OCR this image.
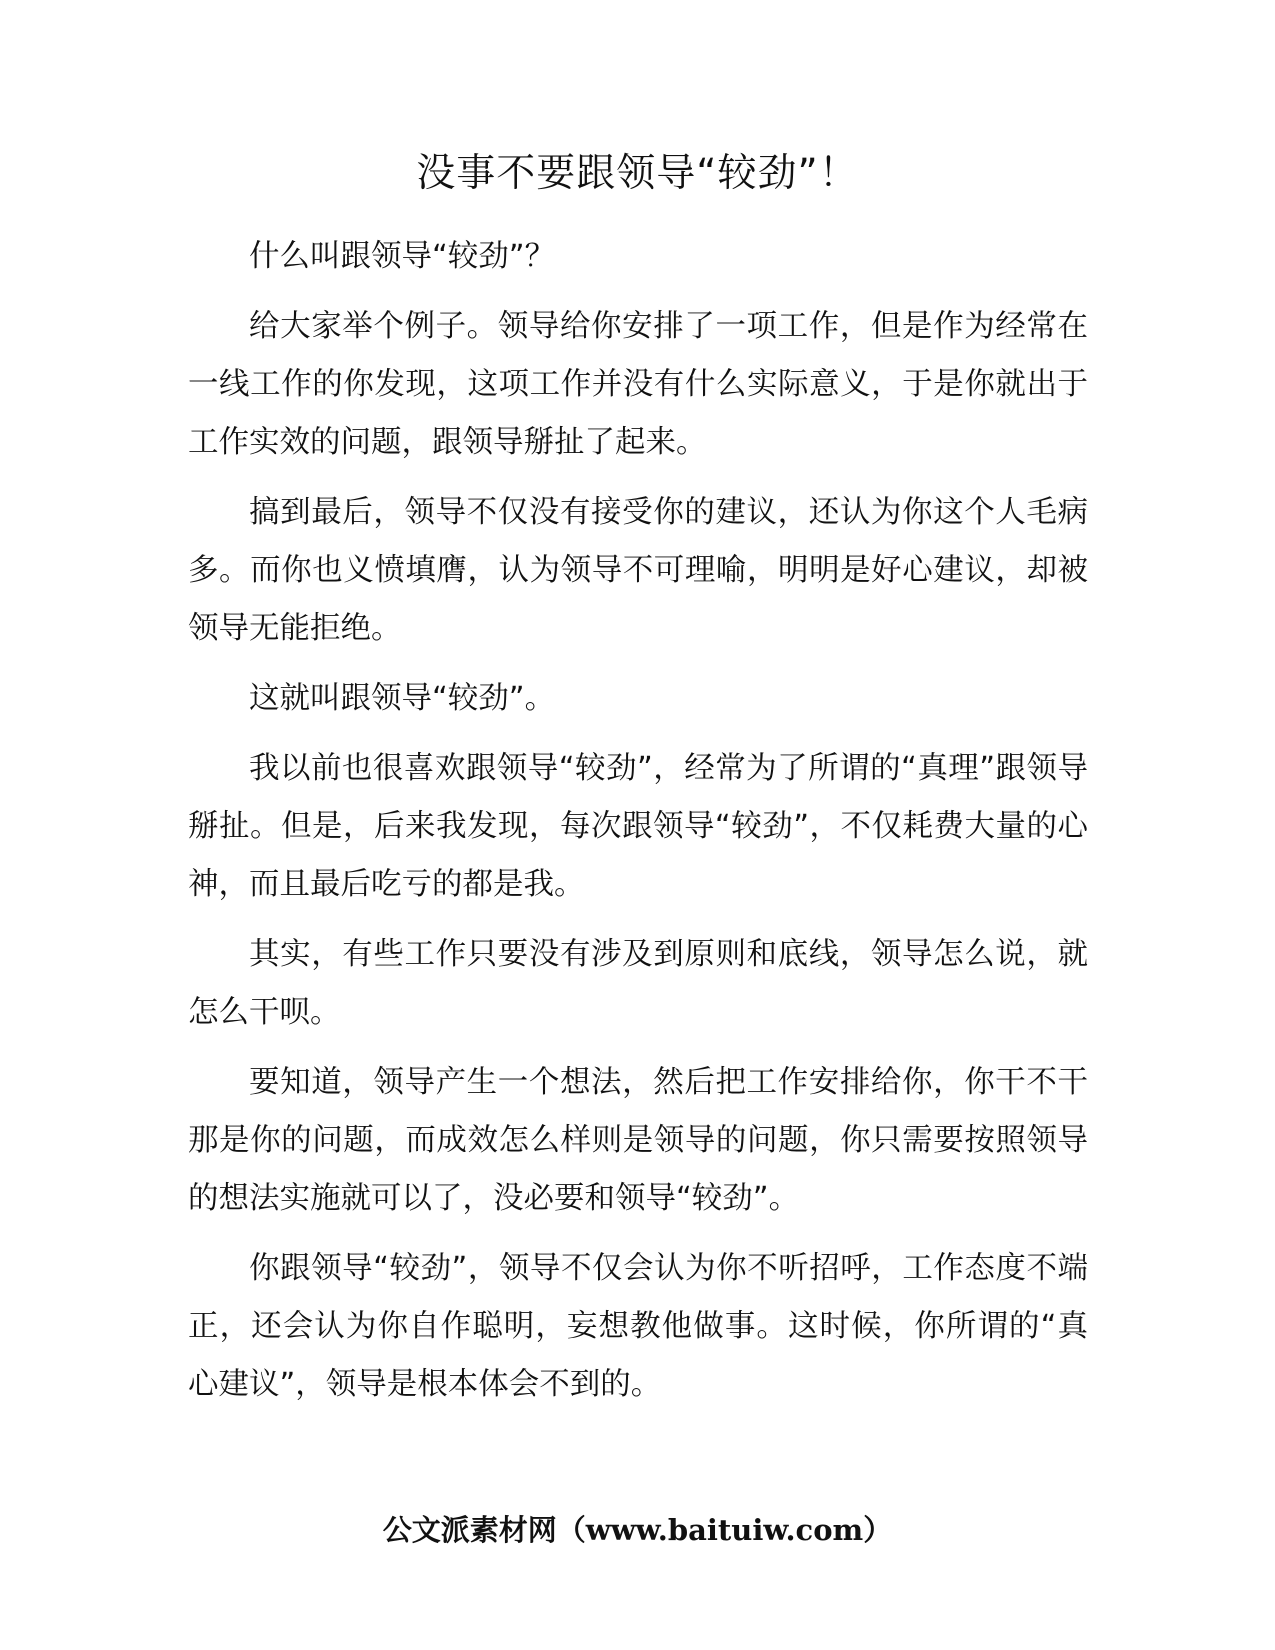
没事不要跟领导“较劲”！

什么叫跟领导“较劲”？

给大家举个例子。领导给你安排了一项工作，但是作为经常在一线工作的你发现，这项工作并没有什么实际意义，于是你就出于工作实效的问题，跟领导掰扯了起来。

搞到最后，领导不仅没有接受你的建议，还认为你这个人毛病多。而你也义愤填膺，认为领导不可理喻，明明是好心建议，却被领导无能拒绝。

这就叫跟领导“较劲”。

我以前也很喜欢跟领导“较劲”，经常为了所谓的“真理”跟领导掰扯。但是，后来我发现，每次跟领导“较劲”，不仅耗费大量的心神，而且最后吃亏的都是我。

其实，有些工作只要没有涉及到原则和底线，领导怎么说，就怎么干呗。

要知道，领导产生一个想法，然后把工作安排给你，你干不干那是你的问题，而成效怎么样则是领导的问题，你只需要按照领导的想法实施就可以了，没必要和领导“较劲”。

你跟领导“较劲”，领导不仅会认为你不听招呼，工作态度不端正，还会认为你自作聪明，妄想教他做事。这时候，你所谓的“真心建议”，领导是根本体会不到的。

公文派素材网（www.baituiw.com）
